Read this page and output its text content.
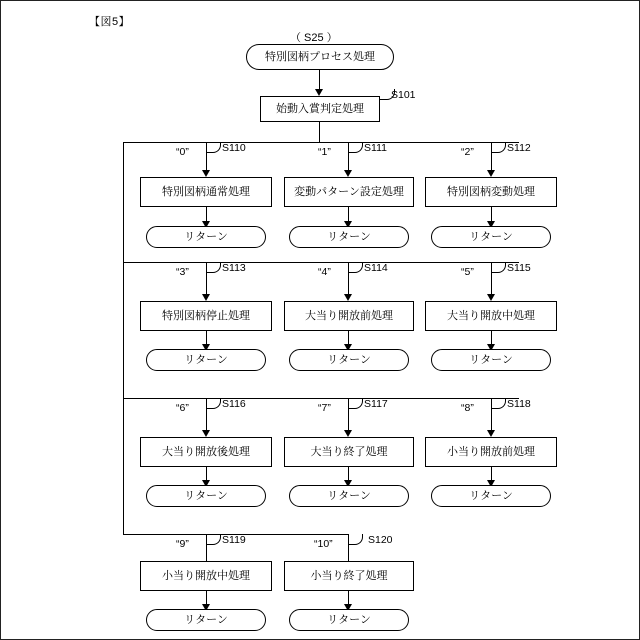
【図5】
（ S25 ）
特別図柄プロセス処理
始動入賞判定処理
S101
“0”	S110
特別図柄通常処理
リターン
“1”	S111
変動パターン設定処理
リターン
“2”	S112
特別図柄変動処理
リターン
“3”	S113
特別図柄停止処理
リターン
“4”	S114
大当り開放前処理
リターン
“5”	S115
大当り開放中処理
リターン
“6”	S116
大当り開放後処理
リターン
“7”	S117
大当り終了処理
リターン
“8”	S118
小当り開放前処理
リターン
“9”	S119
小当り開放中処理
リターン
“10”	S120
小当り終了処理
リターン
